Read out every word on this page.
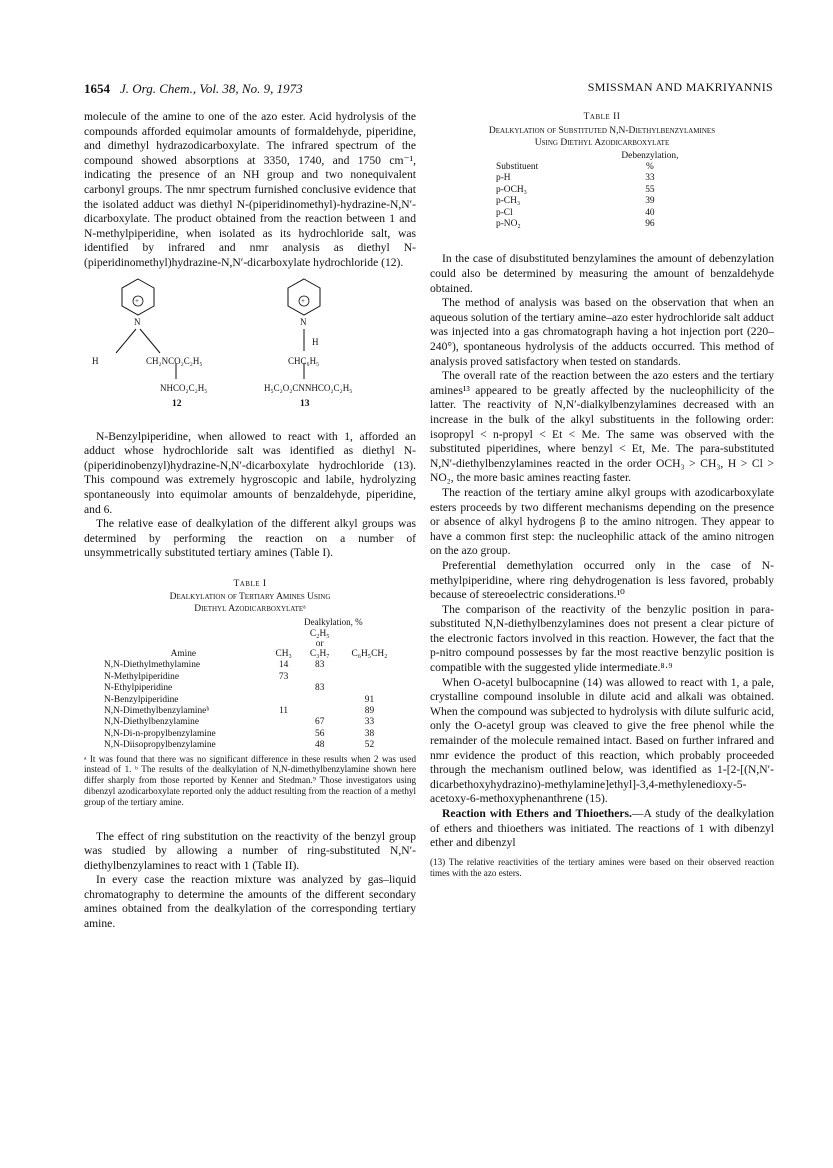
1654 J. Org. Chem., Vol. 38, No. 9, 1973	SMISSMAN AND MAKRIYANNIS

molecule of the amine to one of the azo ester. Acid hydrolysis of the compounds afforded equimolar amounts of formaldehyde, piperidine, and dimethyl hydrazodicarboxylate. The infrared spectrum of the compound showed absorptions at 3350, 1740, and 1750 cm⁻¹, indicating the presence of an NH group and two nonequivalent carbonyl groups. The nmr spectrum furnished conclusive evidence that the isolated adduct was diethyl N-(piperidinomethyl)-hydrazine-N,N′-dicarboxylate. The product obtained from the reaction between 1 and N-methylpiperidine, when isolated as its hydrochloride salt, was identified by infrared and nmr analysis as diethyl N-(piperidinomethyl)hydrazine-N,N′-dicarboxylate hydrochloride (12).

N
+
H	CH₂NCO₂C₂H₅
NHCO₂C₂H₅
12
N
+
H
CHC₆H₅
H₅C₂O₂CNNHCO₂C₂H₅
13

N-Benzylpiperidine, when allowed to react with 1, afforded an adduct whose hydrochloride salt was identified as diethyl N-(piperidinobenzyl)hydrazine-N,N′-dicarboxylate hydrochloride (13). This compound was extremely hygroscopic and labile, hydrolyzing spontaneously into equimolar amounts of benzaldehyde, piperidine, and 6.

The relative ease of dealkylation of the different alkyl groups was determined by performing the reaction on a number of unsymmetrically substituted tertiary amines (Table I).

Table I
Dealkylation of Tertiary Amines Using
Diethyl Azodicarboxylateᵃ
	Dealkylation, %		

		C₂H₅
or	

Amine	CH₃	C₃H₇	C₆H₅CH₂
N,N-Diethylmethylamine	14	83	
N-Methylpiperidine	73		
N-Ethylpiperidine		83	
N-Benzylpiperidine			91
N,N-Dimethylbenzylamineᵇ	11		89
N,N-Diethylbenzylamine		67	33
N,N-Di-n-propylbenzylamine		56	38
N,N-Diisopropylbenzylamine		48	52
ᵃ It was found that there was no significant difference in these results when 2 was used instead of 1. ᵇ The results of the dealkylation of N,N-dimethylbenzylamine shown here differ sharply from those reported by Kenner and Stedman.⁹ Those investigators using dibenzyl azodicarboxylate reported only the adduct resulting from the reaction of a methyl group of the tertiary amine.

The effect of ring substitution on the reactivity of the benzyl group was studied by allowing a number of ring-substituted N,N′-diethylbenzylamines to react with 1 (Table II).

In every case the reaction mixture was analyzed by gas–liquid chromatography to determine the amounts of the different secondary amines obtained from the dealkylation of the corresponding tertiary amine.

Table II
Dealkylation of Substituted N,N-Diethylbenzylamines
Using Diethyl Azodicarboxylate
	Debenzylation,
Substituent	%
p-H	33
p-OCH₃	55
p-CH₃	39
p-Cl	40
p-NO₂	96

In the case of disubstituted benzylamines the amount of debenzylation could also be determined by measuring the amount of benzaldehyde obtained.

The method of analysis was based on the observation that when an aqueous solution of the tertiary amine–azo ester hydrochloride salt adduct was injected into a gas chromatograph having a hot injection port (220–240°), spontaneous hydrolysis of the adducts occurred. This method of analysis proved satisfactory when tested on standards.

The overall rate of the reaction between the azo esters and the tertiary amines¹³ appeared to be greatly affected by the nucleophilicity of the latter. The reactivity of N,N′-dialkylbenzylamines decreased with an increase in the bulk of the alkyl substituents in the following order: isopropyl < n-propyl < Et < Me. The same was observed with the substituted piperidines, where benzyl < Et, Me. The para-substituted N,N′-diethylbenzylamines reacted in the order OCH₃ > CH₃, H > Cl > NO₂, the more basic amines reacting faster.

The reaction of the tertiary amine alkyl groups with azodicarboxylate esters proceeds by two different mechanisms depending on the presence or absence of alkyl hydrogens β to the amino nitrogen. They appear to have a common first step: the nucleophilic attack of the amino nitrogen on the azo group.

Preferential demethylation occurred only in the case of N-methylpiperidine, where ring dehydrogenation is less favored, probably because of stereoelectric considerations.¹⁰

The comparison of the reactivity of the benzylic position in para-substituted N,N-diethylbenzylamines does not present a clear picture of the electronic factors involved in this reaction. However, the fact that the p-nitro compound possesses by far the most reactive benzylic position is compatible with the suggested ylide intermediate.⁸·⁹

When O-acetyl bulbocapnine (14) was allowed to react with 1, a pale, crystalline compound insoluble in dilute acid and alkali was obtained. When the compound was subjected to hydrolysis with dilute sulfuric acid, only the O-acetyl group was cleaved to give the free phenol while the remainder of the molecule remained intact. Based on further infrared and nmr evidence the product of this reaction, which probably proceeded through the mechanism outlined below, was identified as 1-[2-[(N,N′-dicarbethoxyhydrazino)-methylamine]ethyl]-3,4-methylenedioxy-5-acetoxy-6-methoxyphenanthrene (15).

Reaction with Ethers and Thioethers.—A study of the dealkylation of ethers and thioethers was initiated. The reactions of 1 with dibenzyl ether and dibenzyl

(13) The relative reactivities of the tertiary amines were based on their observed reaction times with the azo esters.
